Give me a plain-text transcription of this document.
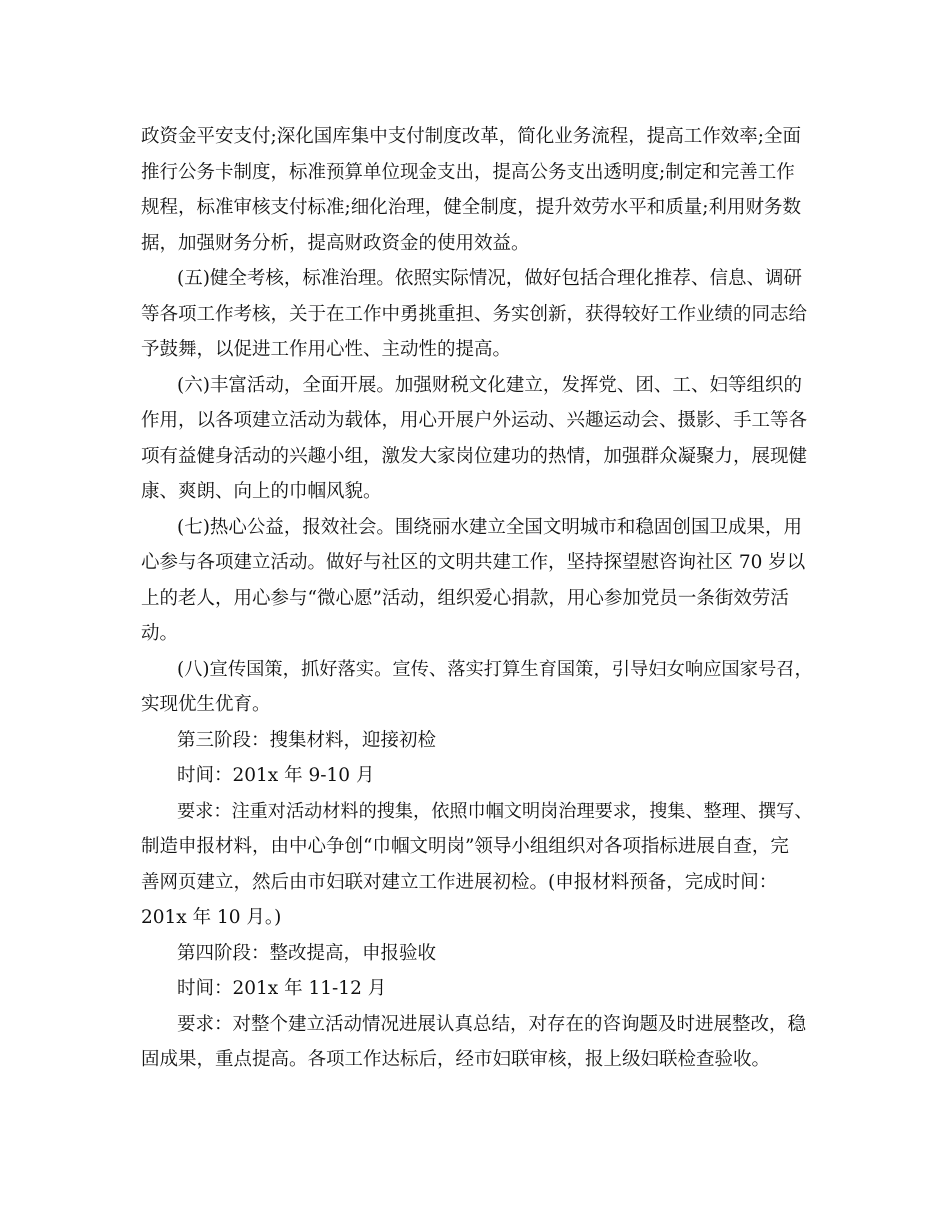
政资金平安支付;深化国库集中支付制度改革，简化业务流程，提高工作效率;全面
推行公务卡制度，标准预算单位现金支出，提高公务支出透明度;制定和完善工作
规程，标准审核支付标准;细化治理，健全制度，提升效劳水平和质量;利用财务数
据，加强财务分析，提高财政资金的使用效益。
(五)健全考核，标准治理。依照实际情况，做好包括合理化推荐、信息、调研
等各项工作考核，关于在工作中勇挑重担、务实创新，获得较好工作业绩的同志给
予鼓舞，以促进工作用心性、主动性的提高。
(六)丰富活动，全面开展。加强财税文化建立，发挥党、团、工、妇等组织的
作用，以各项建立活动为载体，用心开展户外运动、兴趣运动会、摄影、手工等各
项有益健身活动的兴趣小组，激发大家岗位建功的热情，加强群众凝聚力，展现健
康、爽朗、向上的巾帼风貌。
(七)热心公益，报效社会。围绕丽水建立全国文明城市和稳固创国卫成果，用
心参与各项建立活动。做好与社区的文明共建工作，坚持探望慰咨询社区 70 岁以
上的老人，用心参与“微心愿”活动，组织爱心捐款，用心参加党员一条街效劳活
动。
(八)宣传国策，抓好落实。宣传、落实打算生育国策，引导妇女响应国家号召，
实现优生优育。
第三阶段：搜集材料，迎接初检
时间：201x 年 9-10 月
要求：注重对活动材料的搜集，依照巾帼文明岗治理要求，搜集、整理、撰写、
制造申报材料，由中心争创“巾帼文明岗”领导小组组织对各项指标进展自查，完
善网页建立，然后由市妇联对建立工作进展初检。(申报材料预备，完成时间：
201x 年 10 月。)
第四阶段：整改提高，申报验收
时间：201x 年 11-12 月
要求：对整个建立活动情况进展认真总结，对存在的咨询题及时进展整改，稳
固成果，重点提高。各项工作达标后，经市妇联审核，报上级妇联检查验收。
